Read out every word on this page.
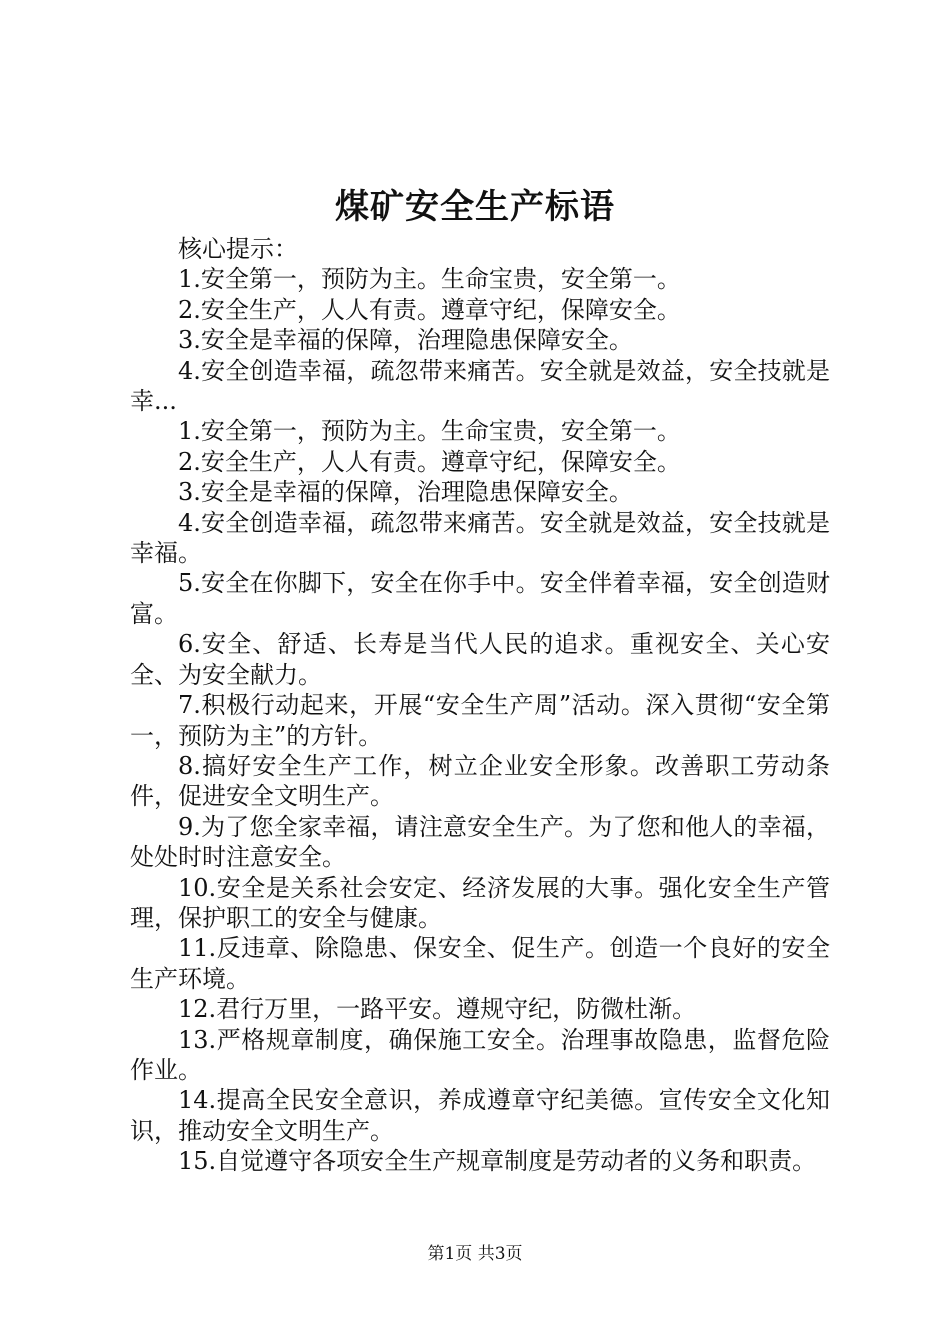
煤矿安全生产标语

核心提示：

1.安全第一，预防为主。生命宝贵，安全第一。

2.安全生产，人人有责。遵章守纪，保障安全。

3.安全是幸福的保障，治理隐患保障安全。

4.安全创造幸福，疏忽带来痛苦。安全就是效益，安全技就是幸...

1.安全第一，预防为主。生命宝贵，安全第一。

2.安全生产，人人有责。遵章守纪，保障安全。

3.安全是幸福的保障，治理隐患保障安全。

4.安全创造幸福，疏忽带来痛苦。安全就是效益，安全技就是幸福。

5.安全在你脚下，安全在你手中。安全伴着幸福，安全创造财富。

6.安全、舒适、长寿是当代人民的追求。重视安全、关心安全、为安全献力。

7.积极行动起来，开展“安全生产周”活动。深入贯彻“安全第一，预防为主”的方针。

8.搞好安全生产工作，树立企业安全形象。改善职工劳动条件，促进安全文明生产。

9.为了您全家幸福，请注意安全生产。为了您和他人的幸福，处处时时注意安全。

10.安全是关系社会安定、经济发展的大事。强化安全生产管理，保护职工的安全与健康。

11.反违章、除隐患、保安全、促生产。创造一个良好的安全生产环境。

12.君行万里，一路平安。遵规守纪，防微杜渐。

13.严格规章制度，确保施工安全。治理事故隐患，监督危险作业。

14.提高全民安全意识，养成遵章守纪美德。宣传安全文化知识，推动安全文明生产。

15.自觉遵守各项安全生产规章制度是劳动者的义务和职责。

第1页 共3页
